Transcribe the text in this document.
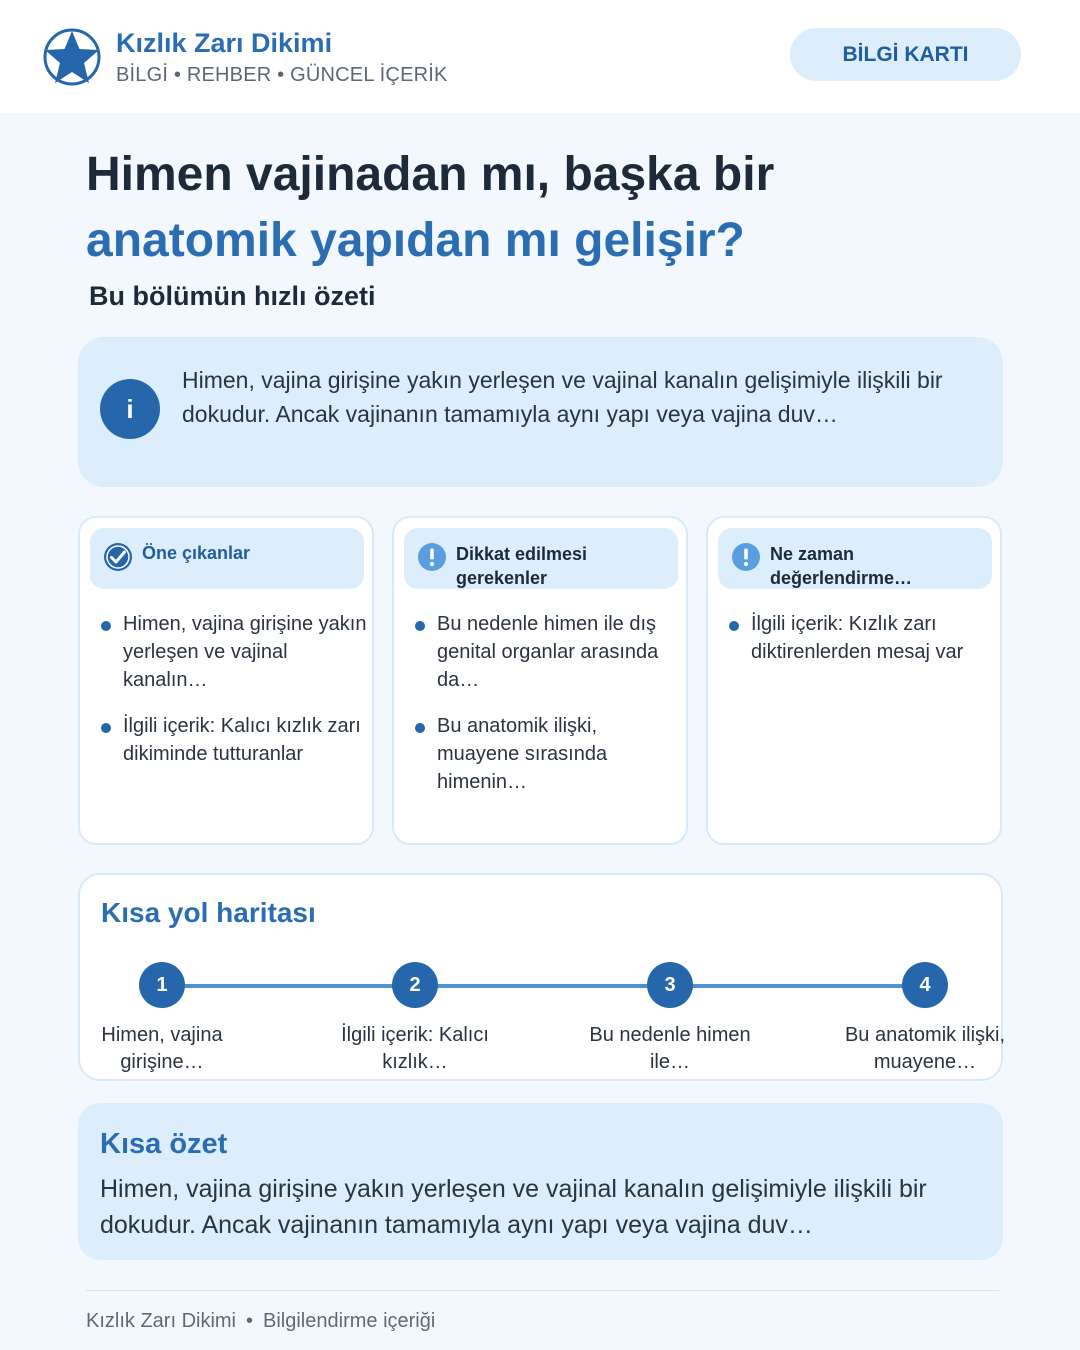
Kızlık Zarı Dikimi
BİLGİ • REHBER • GÜNCEL İÇERİK
BİLGİ KARTI
Himen vajinadan mı, başka bir
anatomik yapıdan mı gelişir?
Bu bölümün hızlı özeti
i

Himen, vajina girişine yakın yerleşen ve vajinal kanalın gelişimiyle ilişkili bir dokudur. Ancak vajinanın tamamıyla aynı yapı veya vajina duv…

Öne çıkanlar
Himen, vajina girişine yakın yerleşen ve vajinal kanalın…
İlgili içerik: Kalıcı kızlık zarı dikiminde tutturanlar
Dikkat edilmesi gerekenler
Bu nedenle himen ile dış genital organlar arasında da…
Bu anatomik ilişki, muayene sırasında himenin…
Ne zaman değerlendirme…
İlgili içerik: Kızlık zarı diktirenlerden mesaj var
Kısa yol haritası
1
Himen, vajina girişine…
2
İlgili içerik: Kalıcı kızlık…
3
Bu nedenle himen ile…
4
Bu anatomik ilişki, muayene…
Kısa özet

Himen, vajina girişine yakın yerleşen ve vajinal kanalın gelişimiyle ilişkili bir dokudur. Ancak vajinanın tamamıyla aynı yapı veya vajina duv…

Kızlık Zarı Dikimi • Bilgilendirme içeriği
